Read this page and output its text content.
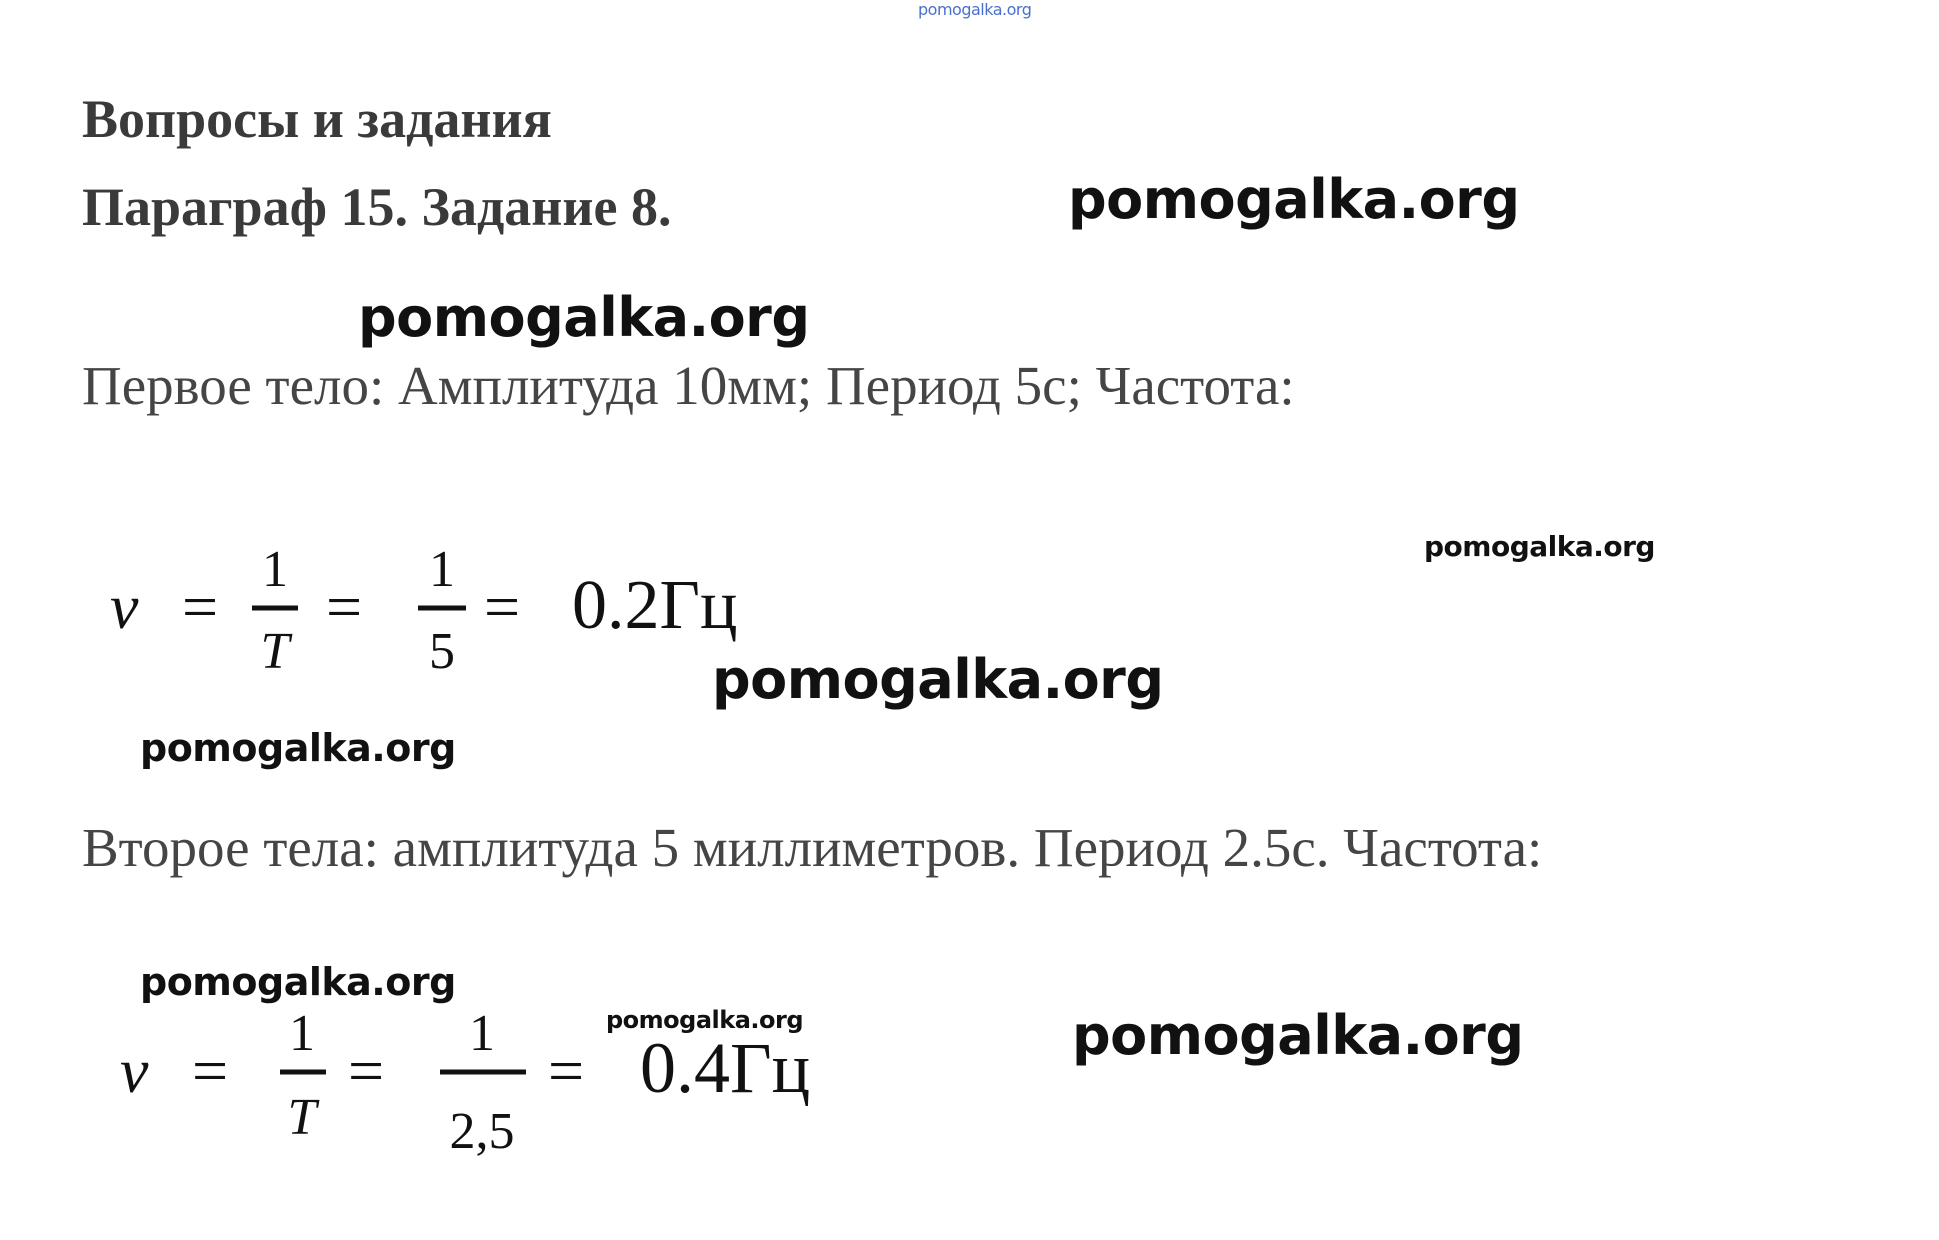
pomogalka.org
Вопросы и задания
Параграф 15. Задание 8.

Первое тело: Амплитуда 10мм; Период 5с; Частота:

v =
1
T
=
1
5
= 0.2Гц

Второе тела: амплитуда 5 миллиметров. Период 2.5с. Частота:

v =
1
T
=
1
2,5
= 0.4Гц
pomogalka.org
pomogalka.org
pomogalka.org
pomogalka.org
pomogalka.org
pomogalka.org
pomogalka.org	pomogalka.org
